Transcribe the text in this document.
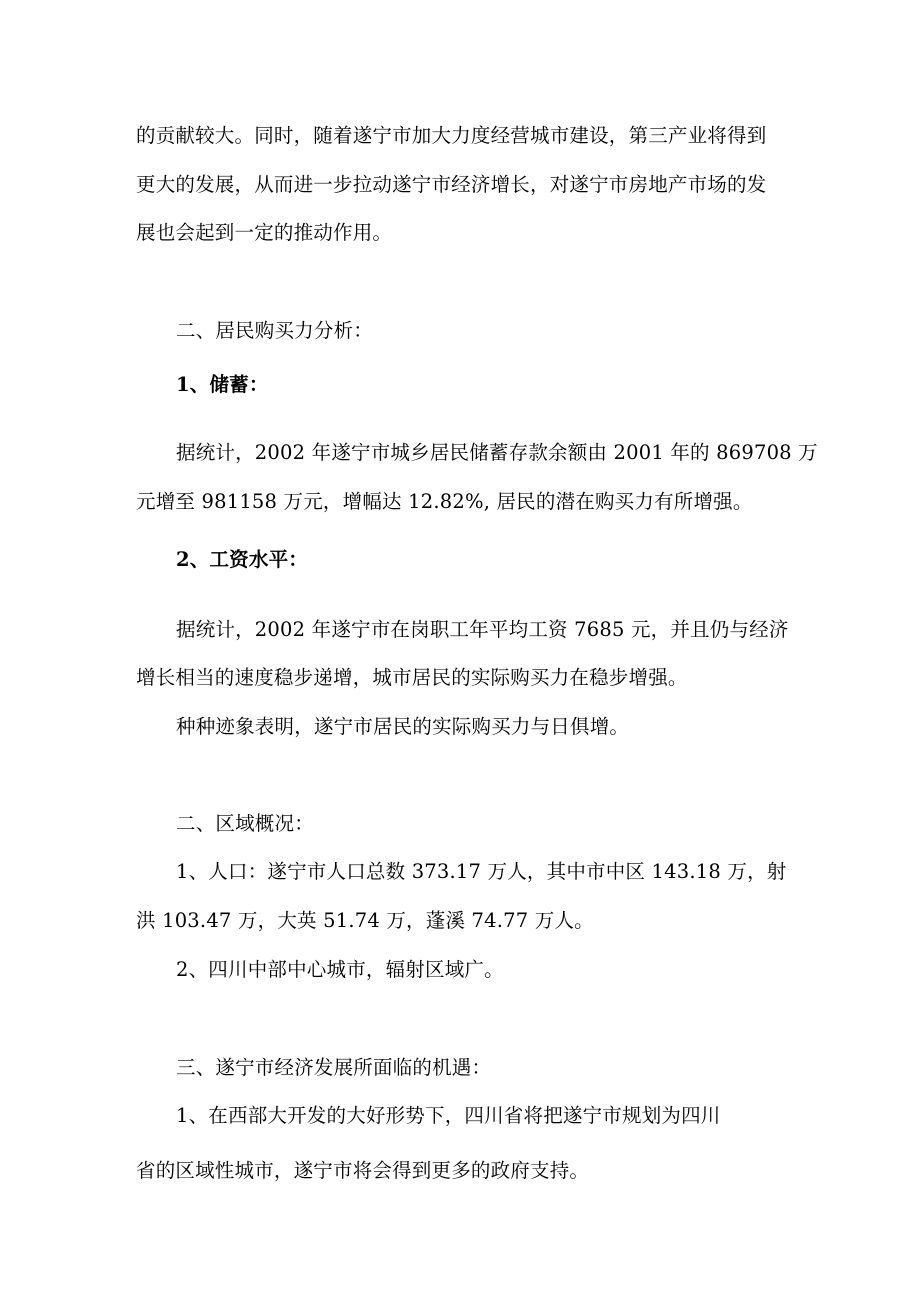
的贡献较大。同时，随着遂宁市加大力度经营城市建设，第三产业将得到
更大的发展，从而进一步拉动遂宁市经济增长，对遂宁市房地产市场的发
展也会起到一定的推动作用。
二、居民购买力分析：
1、储蓄：
据统计，2002 年遂宁市城乡居民储蓄存款余额由 2001 年的 869708 万
元增至 981158 万元，增幅达 12.82%, 居民的潜在购买力有所增强。
2、工资水平：
据统计，2002 年遂宁市在岗职工年平均工资 7685 元，并且仍与经济
增长相当的速度稳步递增，城市居民的实际购买力在稳步增强。
种种迹象表明，遂宁市居民的实际购买力与日俱增。
二、区域概况：
1、人口：遂宁市人口总数 373.17 万人，其中市中区 143.18 万，射
洪 103.47 万，大英 51.74 万，蓬溪 74.77 万人。
2、四川中部中心城市，辐射区域广。
三、遂宁市经济发展所面临的机遇：
1、在西部大开发的大好形势下，四川省将把遂宁市规划为四川
省的区域性城市，遂宁市将会得到更多的政府支持。
